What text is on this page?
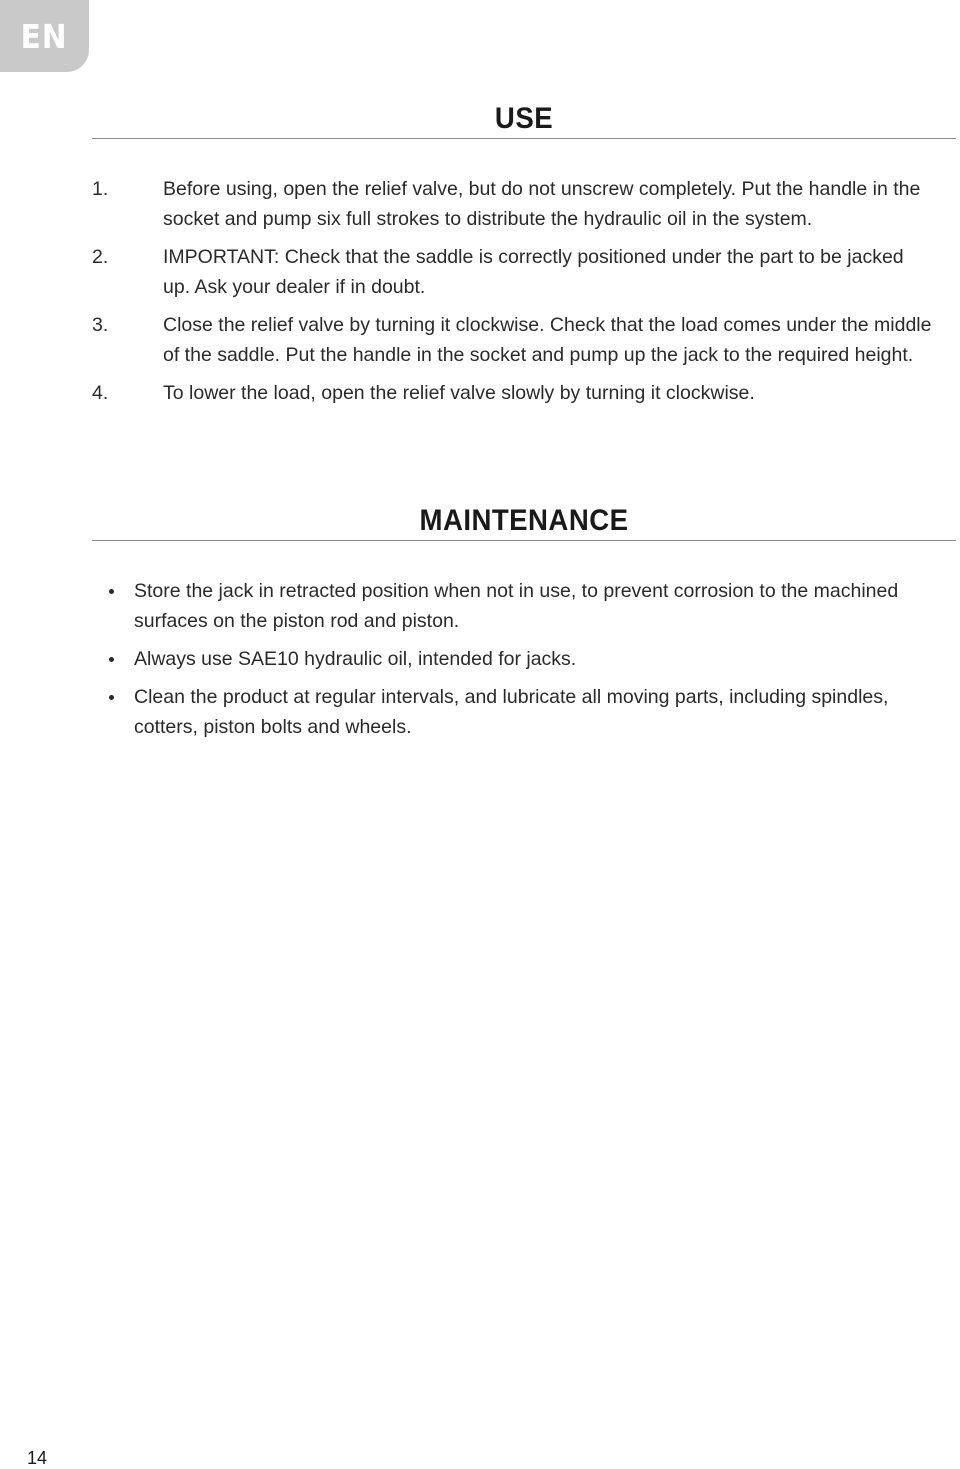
EN
USE
1.	Before using, open the relief valve, but do not unscrew completely. Put the handle in the socket and pump six full strokes to distribute the hydraulic oil in the system.
2.	IMPORTANT: Check that the saddle is correctly positioned under the part to be jacked up. Ask your dealer if in doubt.
3.	Close the relief valve by turning it clockwise. Check that the load comes under the middle of the saddle. Put the handle in the socket and pump up the jack to the required height.
4.	To lower the load, open the relief valve slowly by turning it clockwise.
MAINTENANCE
Store the jack in retracted position when not in use, to prevent corrosion to the machined surfaces on the piston rod and piston.
Always use SAE10 hydraulic oil, intended for jacks.
Clean the product at regular intervals, and lubricate all moving parts, including spindles, cotters, piston bolts and wheels.
14
